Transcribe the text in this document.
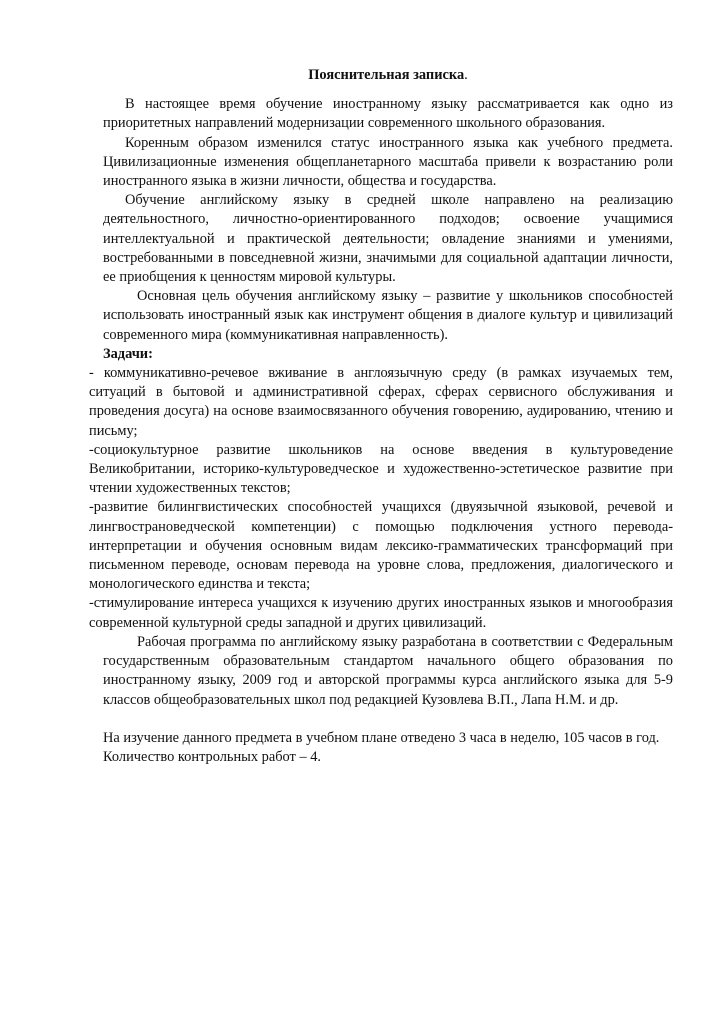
Пояснительная записка.

В настоящее время обучение иностранному языку рассматривается как одно из приоритетных направлений модернизации современного школьного образования.

Коренным образом изменился статус иностранного языка как учебного предмета. Цивилизационные изменения общепланетарного масштаба привели к возрастанию роли иностранного языка в жизни личности, общества и государства.

Обучение английскому языку в средней школе направлено на реализацию деятельностного, личностно-ориентированного подходов; освоение учащимися интеллектуальной и практической деятельности; овладение знаниями и умениями, востребованными в повседневной жизни, значимыми для социальной адаптации личности, ее приобщения к ценностям мировой культуры.

Основная цель обучения английскому языку – развитие у школьников способностей использовать иностранный язык как инструмент общения в диалоге культур и цивилизаций современного мира (коммуникативная направленность).

Задачи:

- коммуникативно-речевое вживание в англоязычную среду (в рамках изучаемых тем, ситуаций в бытовой и административной сферах, сферах сервисного обслуживания и проведения досуга) на основе взаимосвязанного обучения говорению, аудированию, чтению и письму;

-социокультурное развитие школьников на основе введения в культуроведение Великобритании, историко-культуроведческое и художественно-эстетическое развитие при чтении художественных текстов;

-развитие билингвистических способностей учащихся (двуязычной языковой, речевой и лингвострановедческой компетенции) с помощью подключения устного перевода-интерпретации и обучения основным видам лексико-грамматических трансформаций при письменном переводе, основам перевода на уровне слова, предложения, диалогического и монологического единства и текста;

-стимулирование интереса учащихся к изучению других иностранных языков и многообразия современной культурной среды западной и других цивилизаций.

Рабочая программа по английскому языку разработана в соответствии с Федеральным государственным образовательным стандартом начального общего образования по иностранному языку, 2009 год и авторской программы курса английского языка для 5-9 классов общеобразовательных школ под редакцией Кузовлева В.П., Лапа Н.М. и др.

На изучение данного предмета в учебном плане отведено 3 часа в неделю, 105 часов в год.

Количество контрольных работ – 4.
